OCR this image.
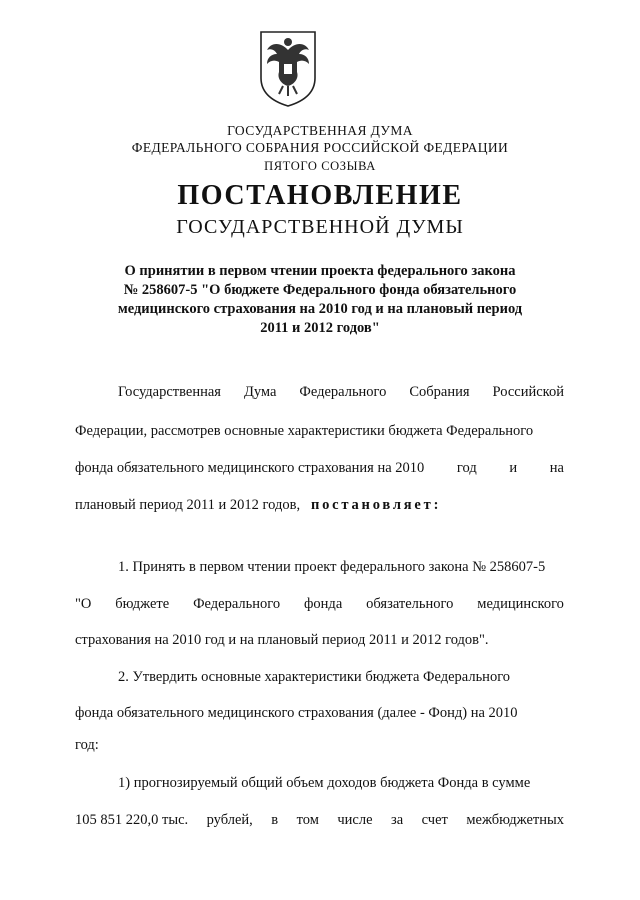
ГОСУДАРСТВЕННАЯ ДУМА
ФЕДЕРАЛЬНОГО СОБРАНИЯ РОССИЙСКОЙ ФЕДЕРАЦИИ
ПЯТОГО СОЗЫВА
ПОСТАНОВЛЕНИЕ
ГОСУДАРСТВЕННОЙ ДУМЫ
О принятии в первом чтении проекта федерального закона
№ 258607-5 "О бюджете Федерального фонда обязательного
медицинского страхования на 2010 год и на плановый период
2011 и 2012 годов"
Государственная Дума Федерального Собрания Российской
Федерации, рассмотрев основные характеристики бюджета Федерального
фонда обязательного медицинского страхования на 2010 год и на
плановый период 2011 и 2012 годов, постановляет:
1. Принять в первом чтении проект федерального закона № 258607-5
"О бюджете Федерального фонда обязательного медицинского
страхования на 2010 год и на плановый период 2011 и 2012 годов".
2. Утвердить основные характеристики бюджета Федерального
фонда обязательного медицинского страхования (далее - Фонд) на 2010
год:
1) прогнозируемый общий объем доходов бюджета Фонда в сумме
105 851 220,0 тыс. рублей, в том числе за счет межбюджетных
